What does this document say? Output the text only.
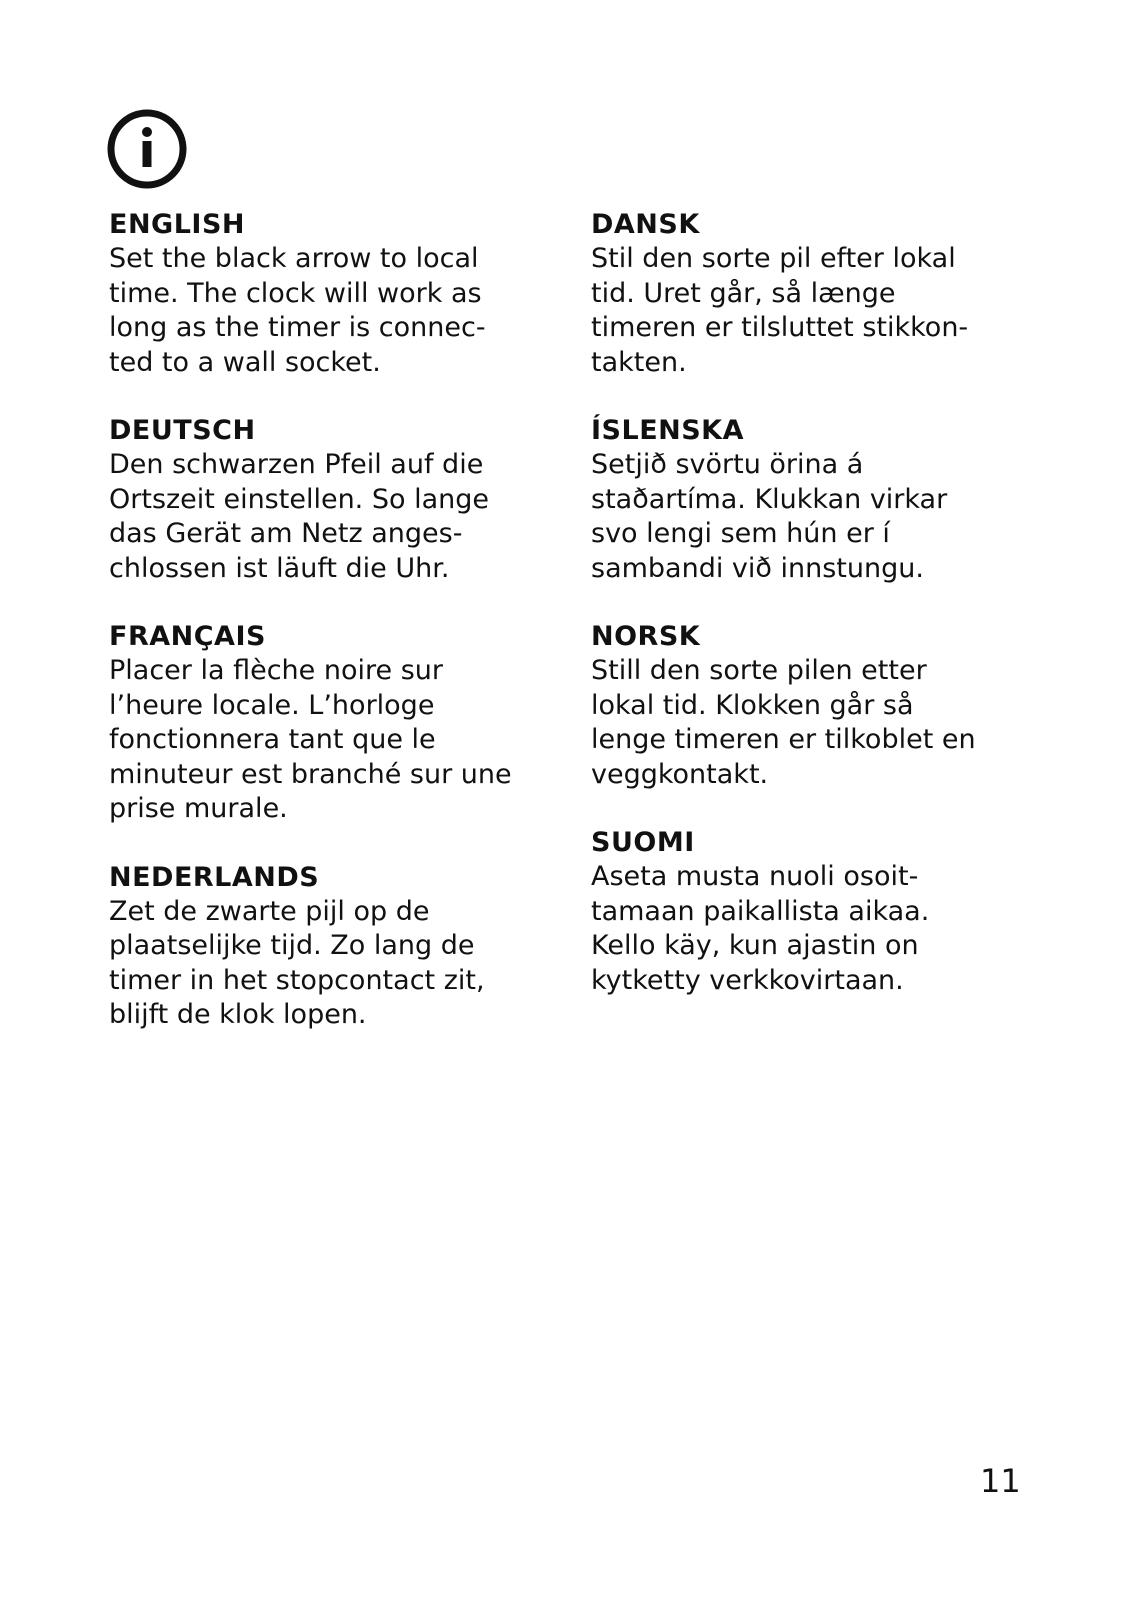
ENGLISH
Set the black arrow to local
time. The clock will work as
long as the timer is connec-
ted to a wall socket.
DEUTSCH
Den schwarzen Pfeil auf die
Ortszeit einstellen. So lange
das Gerät am Netz anges-
chlossen ist läuft die Uhr.
FRANÇAIS
Placer la flèche noire sur
l’heure locale. L’horloge
fonctionnera tant que le
minuteur est branché sur une
prise murale.
NEDERLANDS
Zet de zwarte pijl op de
plaatselijke tijd. Zo lang de
timer in het stopcontact zit,
blijft de klok lopen.
DANSK
Stil den sorte pil efter lokal
tid. Uret går, så længe
timeren er tilsluttet stikkon-
takten.
ÍSLENSKA
Setjið svörtu örina á
staðartíma. Klukkan virkar
svo lengi sem hún er í
sambandi við innstungu.
NORSK
Still den sorte pilen etter
lokal tid. Klokken går så
lenge timeren er tilkoblet en
veggkontakt.
SUOMI
Aseta musta nuoli osoit-
tamaan paikallista aikaa.
Kello käy, kun ajastin on
kytketty verkkovirtaan.
11
